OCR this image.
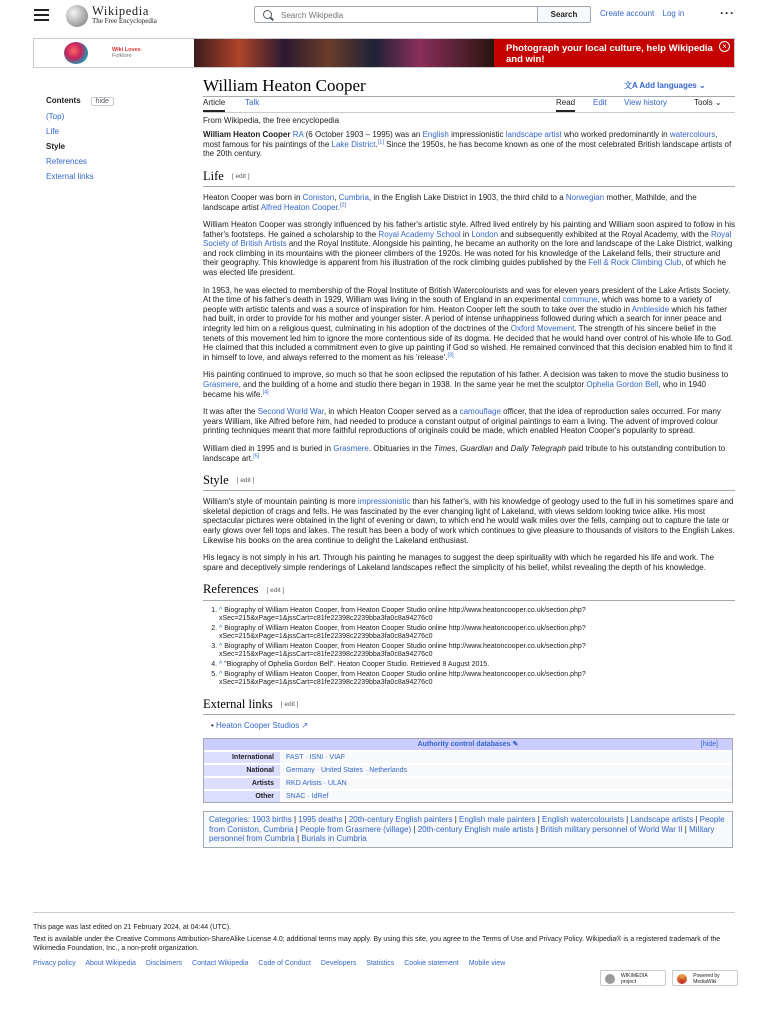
Wikipedia
The Free Encyclopedia
Search Wikipedia
Search	Create account Log in	···
Wiki Loves
Folklore
Photograph your local culture, help Wikipedia and win!
×
Contents hide
(Top)
Life
Style
References
External links
William Heaton Cooper	文A Add languages ⌄
Article Talk	Read Edit View history	Tools ⌄
From Wikipedia, the free encyclopedia

William Heaton Cooper RA (6 October 1903 – 1995) was an English impressionistic landscape artist who worked predominantly in watercolours, most famous for his paintings of the Lake District.[1] Since the 1950s, he has become known as one of the most celebrated British landscape artists of the 20th century.

Life [ edit ]

Heaton Cooper was born in Coniston, Cumbria, in the English Lake District in 1903, the third child to a Norwegian mother, Mathilde, and the landscape artist Alfred Heaton Cooper.[2]

William Heaton Cooper was strongly influenced by his father's artistic style. Alfred lived entirely by his painting and William soon aspired to follow in his father's footsteps. He gained a scholarship to the Royal Academy School in London and subsequently exhibited at the Royal Academy, with the Royal Society of British Artists and the Royal Institute. Alongside his painting, he became an authority on the lore and landscape of the Lake District, walking and rock climbing in its mountains with the pioneer climbers of the 1920s. He was noted for his knowledge of the Lakeland fells, their structure and their geography. This knowledge is apparent from his illustration of the rock climbing guides published by the Fell & Rock Climbing Club, of which he was elected life president.

In 1953, he was elected to membership of the Royal Institute of British Watercolourists and was for eleven years president of the Lake Artists Society. At the time of his father's death in 1929, William was living in the south of England in an experimental commune, which was home to a variety of people with artistic talents and was a source of inspiration for him. Heaton Cooper left the south to take over the studio in Ambleside which his father had built, in order to provide for his mother and younger sister. A period of intense unhappiness followed during which a search for inner peace and integrity led him on a religious quest, culminating in his adoption of the doctrines of the Oxford Movement. The strength of his sincere belief in the tenets of this movement led him to ignore the more contentious side of its dogma. He decided that he would hand over control of his whole life to God. He claimed that this included a commitment even to give up painting if God so wished. He remained convinced that this decision enabled him to find it in himself to love, and always referred to the moment as his 'release'.[3]

His painting continued to improve, so much so that he soon eclipsed the reputation of his father. A decision was taken to move the studio business to Grasmere, and the building of a home and studio there began in 1938. In the same year he met the sculptor Ophelia Gordon Bell, who in 1940 became his wife.[4]

It was after the Second World War, in which Heaton Cooper served as a camouflage officer, that the idea of reproduction sales occurred. For many years William, like Alfred before him, had needed to produce a constant output of original paintings to earn a living. The advent of improved colour printing techniques meant that more faithful reproductions of originals could be made, which enabled Heaton Cooper's popularity to spread.

William died in 1995 and is buried in Grasmere. Obituaries in the Times, Guardian and Daily Telegraph paid tribute to his outstanding contribution to landscape art.[5]

Style [ edit ]

William's style of mountain painting is more impressionistic than his father's, with his knowledge of geology used to the full in his sometimes spare and skeletal depiction of crags and fells. He was fascinated by the ever changing light of Lakeland, with views seldom looking twice alike. His most spectacular pictures were obtained in the light of evening or dawn, to which end he would walk miles over the fells, camping out to capture the late or early glows over fell tops and lakes. The result has been a body of work which continues to give pleasure to thousands of visitors to the English Lakes. Likewise his books on the area continue to delight the Lakeland enthusiast.

His legacy is not simply in his art. Through his painting he manages to suggest the deep spirituality with which he regarded his life and work. The spare and deceptively simple renderings of Lakeland landscapes reflect the simplicity of his belief, whilst revealing the depth of his knowledge.

References [ edit ]
1. ^ Biography of William Heaton Cooper, from Heaton Cooper Studio online http://www.heatoncooper.co.uk/section.php?xSec=215&xPage=1&jssCart=c81fe22398c2239bba3fa0c8a94276c0
2. ^ Biography of William Heaton Cooper, from Heaton Cooper Studio online http://www.heatoncooper.co.uk/section.php?xSec=215&xPage=1&jssCart=c81fe22398c2239bba3fa0c8a94276c0
3. ^ Biography of William Heaton Cooper, from Heaton Cooper Studio online http://www.heatoncooper.co.uk/section.php?xSec=215&xPage=1&jssCart=c81fe22398c2239bba3fa0c8a94276c0
4. ^ "Biography of Ophelia Gordon Bell". Heaton Cooper Studio. Retrieved 8 August 2015.
5. ^ Biography of William Heaton Cooper, from Heaton Cooper Studio online http://www.heatoncooper.co.uk/section.php?xSec=215&xPage=1&jssCart=c81fe22398c2239bba3fa0c8a94276c0
External links [ edit ]
• Heaton Cooper Studios ↗
Authority control databases ✎	[hide]
International	FAST · ISNI · VIAF
National	Germany · United States · Netherlands
Artists	RKD Artists · ULAN
Other	SNAC · IdRef
Categories: 1903 births | 1995 deaths | 20th-century English painters | English male painters | English watercolourists | Landscape artists | People from Coniston, Cumbria | People from Grasmere (village) | 20th-century English male artists | British military personnel of World War II | Military personnel from Cumbria | Burials in Cumbria

This page was last edited on 21 February 2024, at 04:44 (UTC).

Text is available under the Creative Commons Attribution-ShareAlike License 4.0; additional terms may apply. By using this site, you agree to the Terms of Use and Privacy Policy. Wikipedia® is a registered trademark of the Wikimedia Foundation, Inc., a non-profit organization.

Privacy policy About Wikipedia Disclaimers Contact Wikipedia Code of Conduct Developers Statistics Cookie statement Mobile view
WIKIMEDIA project
Powered by MediaWiki
